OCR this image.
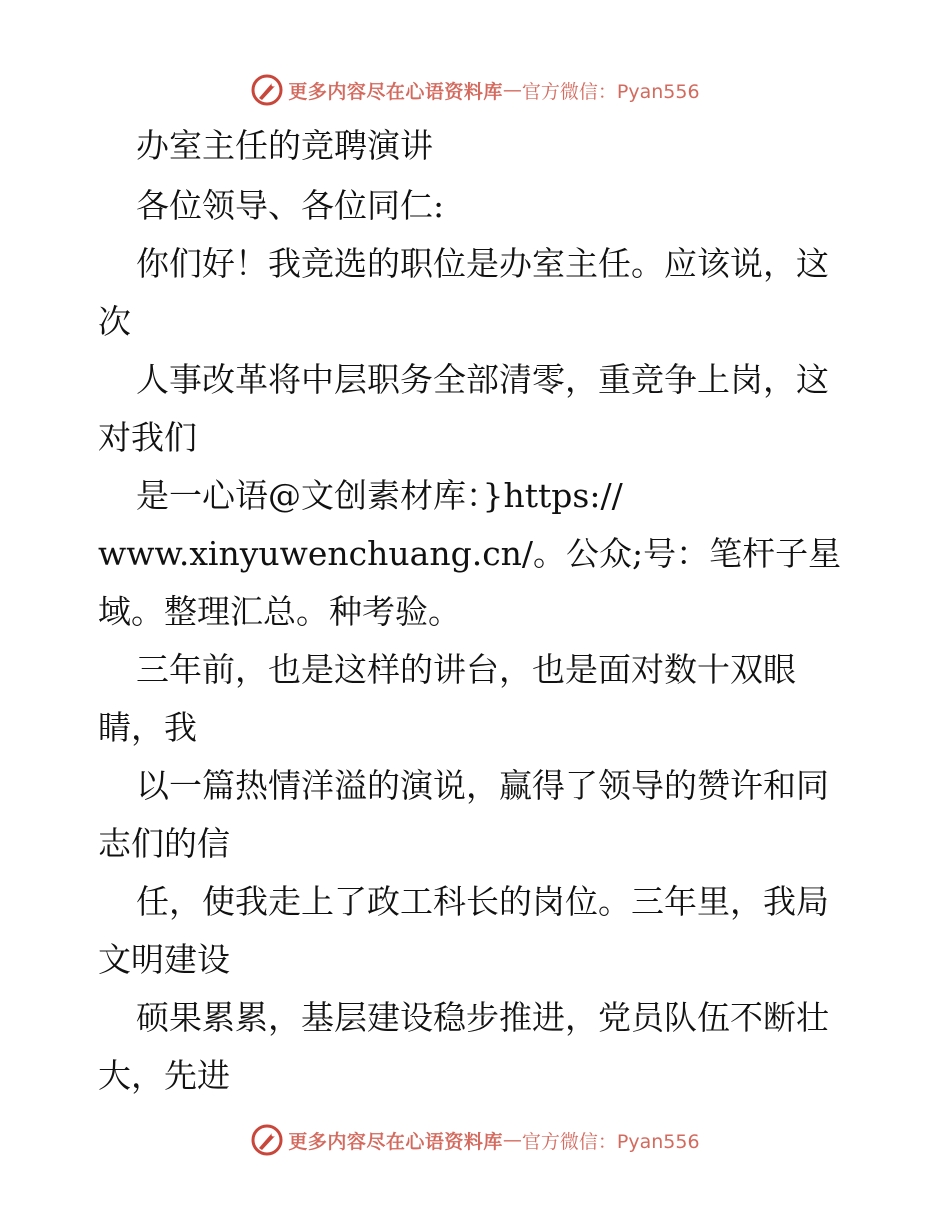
更多内容尽在心语资料库 — 官方微信：Pyan556
办室主任的竞聘演讲
各位领导、各位同仁:
你们好！我竞选的职位是办室主任。应该说，这
次
人事改革将中层职务全部清零，重竞争上岗，这
对我们
是一心语@文创素材库：}https://
www.xinyuwenchuang.cn/。公众;号：笔杆子星
域。整理汇总。种考验。
三年前，也是这样的讲台，也是面对数十双眼
睛，我
以一篇热情洋溢的演说，赢得了领导的赞许和同
志们的信
任，使我走上了政工科长的岗位。三年里，我局
文明建设
硕果累累，基层建设稳步推进，党员队伍不断壮
大，先进
更多内容尽在心语资料库 — 官方微信：Pyan556
